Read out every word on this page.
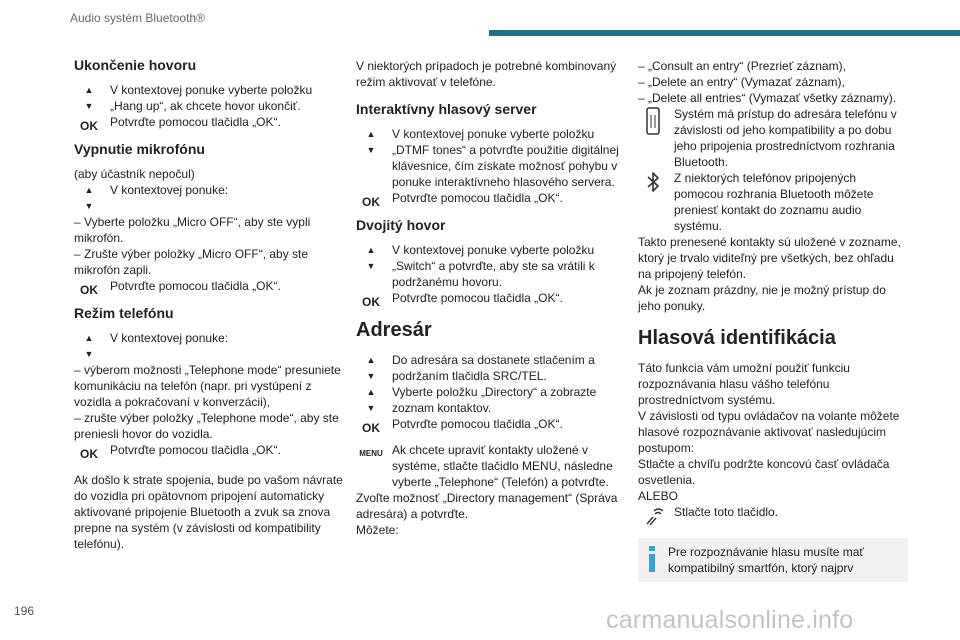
Audio systém Bluetooth®
Ukončenie hovoru
▲
▼

V kontextovej ponuke vyberte položku „Hang up“, ak chcete hovor ukončiť.

OK	Potvrďte pomocou tlačidla „OK“.

Vypnutie mikrofónu

(aby účastník nepočul)

▲
▼

V kontextovej ponuke:

– Vyberte položku „Micro OFF“, aby ste vypli mikrofón.

– Zrušte výber položky „Micro OFF“, aby ste mikrofón zapli.

OK	Potvrďte pomocou tlačidla „OK“.

Režim telefónu
▲
▼

V kontextovej ponuke:

– výberom možnosti „Telephone mode“ presuniete komunikáciu na telefón (napr. pri vystúpení z vozidla a pokračovaní v konverzácii),

– zrušte výber položky „Telephone mode“, aby ste preniesli hovor do vozidla.

OK	Potvrďte pomocou tlačidla „OK“.

Ak došlo k strate spojenia, bude po vašom návrate do vozidla pri opätovnom pripojení automaticky aktivované pripojenie Bluetooth a zvuk sa znova prepne na systém (v závislosti od kompatibility telefónu).

V niektorých prípadoch je potrebné kombinovaný režim aktivovať v telefóne.

Interaktívny hlasový server
▲
▼

V kontextovej ponuke vyberte položku „DTMF tones“ a potvrďte použitie digitálnej klávesnice, čím získate možnosť pohybu v ponuke interaktívneho hlasového servera.

OK	Potvrďte pomocou tlačidla „OK“.

Dvojitý hovor
▲
▼

V kontextovej ponuke vyberte položku „Switch“ a potvrďte, aby ste sa vrátili k podržanému hovoru.

OK	Potvrďte pomocou tlačidla „OK“.

Adresár
▲
▼

Do adresára sa dostanete stlačením a podržaním tlačidla SRC/TEL.

▲
▼

Vyberte položku „Directory“ a zobrazte zoznam kontaktov.

OK	Potvrďte pomocou tlačidla „OK“.

MENU Ak chcete upraviť kontakty uložené v systéme, stlačte tlačidlo MENU, následne vyberte „Telephone“ (Telefón) a potvrďte.

Zvoľte možnosť „Directory management“ (Správa adresára) a potvrďte.

Môžete:

– „Consult an entry“ (Prezrieť záznam),

– „Delete an entry“ (Vymazať záznam),

– „Delete all entries“ (Vymazať všetky záznamy).

Systém má prístup do adresára telefónu v závislosti od jeho kompatibility a po dobu jeho pripojenia prostredníctvom rozhrania Bluetooth.

Z niektorých telefónov pripojených pomocou rozhrania Bluetooth môžete preniesť kontakt do zoznamu audio systému.

Takto prenesené kontakty sú uložené v zozname, ktorý je trvalo viditeľný pre všetkých, bez ohľadu na pripojený telefón.

Ak je zoznam prázdny, nie je možný prístup do jeho ponuky.

Hlasová identifikácia

Táto funkcia vám umožní použiť funkciu rozpoznávania hlasu vášho telefónu prostredníctvom systému.

V závislosti od typu ovládačov na volante môžete hlasové rozpoznávanie aktivovať nasledujúcim postupom:

Stlačte a chvíľu podržte koncovú časť ovládača osvetlenia.

ALEBO

Stlačte toto tlačidlo.

Pre rozpoznávanie hlasu musíte mať kompatibilný smartfón, ktorý najprv

196	carmanualsonline.info
